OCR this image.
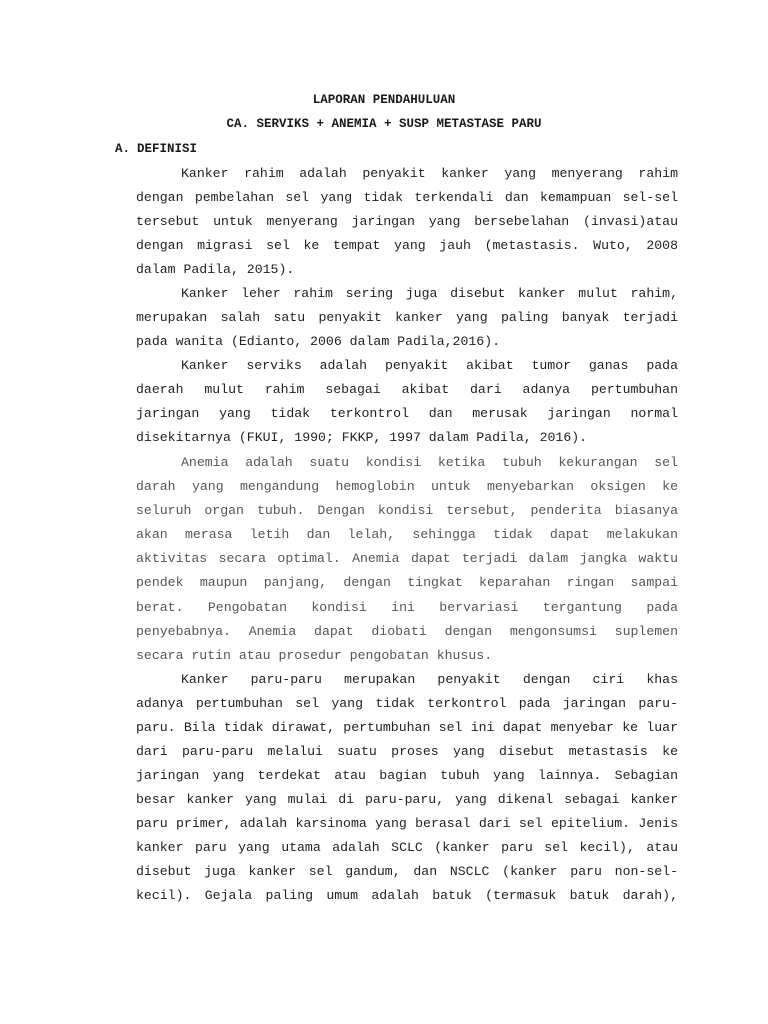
LAPORAN PENDAHULUAN
CA. SERVIKS + ANEMIA + SUSP METASTASE PARU
A. DEFINISI
Kanker rahim adalah penyakit kanker yang menyerang rahim
dengan pembelahan sel yang tidak terkendali dan kemampuan sel-sel
tersebut untuk menyerang jaringan yang bersebelahan (invasi)atau
dengan migrasi sel ke tempat yang jauh (metastasis. Wuto, 2008
dalam Padila, 2015).
Kanker leher rahim sering juga disebut kanker mulut rahim,
merupakan salah satu penyakit kanker yang paling banyak terjadi
pada wanita (Edianto, 2006 dalam Padila,2016).
Kanker serviks adalah penyakit akibat tumor ganas pada
daerah mulut rahim sebagai akibat dari adanya pertumbuhan
jaringan yang tidak terkontrol dan merusak jaringan normal
disekitarnya (FKUI, 1990; FKKP, 1997 dalam Padila, 2016).
Anemia adalah suatu kondisi ketika tubuh kekurangan sel
darah yang mengandung hemoglobin untuk menyebarkan oksigen ke
seluruh organ tubuh. Dengan kondisi tersebut, penderita biasanya
akan merasa letih dan lelah, sehingga tidak dapat melakukan
aktivitas secara optimal. Anemia dapat terjadi dalam jangka waktu
pendek maupun panjang, dengan tingkat keparahan ringan sampai
berat. Pengobatan kondisi ini bervariasi tergantung pada
penyebabnya. Anemia dapat diobati dengan mengonsumsi suplemen
secara rutin atau prosedur pengobatan khusus.
Kanker paru-paru merupakan penyakit dengan ciri khas
adanya pertumbuhan sel yang tidak terkontrol pada jaringan paru-
paru. Bila tidak dirawat, pertumbuhan sel ini dapat menyebar ke luar
dari paru-paru melalui suatu proses yang disebut metastasis ke
jaringan yang terdekat atau bagian tubuh yang lainnya. Sebagian
besar kanker yang mulai di paru-paru, yang dikenal sebagai kanker
paru primer, adalah karsinoma yang berasal dari sel epitelium. Jenis
kanker paru yang utama adalah SCLC (kanker paru sel kecil), atau
disebut juga kanker sel gandum, dan NSCLC (kanker paru non-sel-
kecil). Gejala paling umum adalah batuk (termasuk batuk darah),
